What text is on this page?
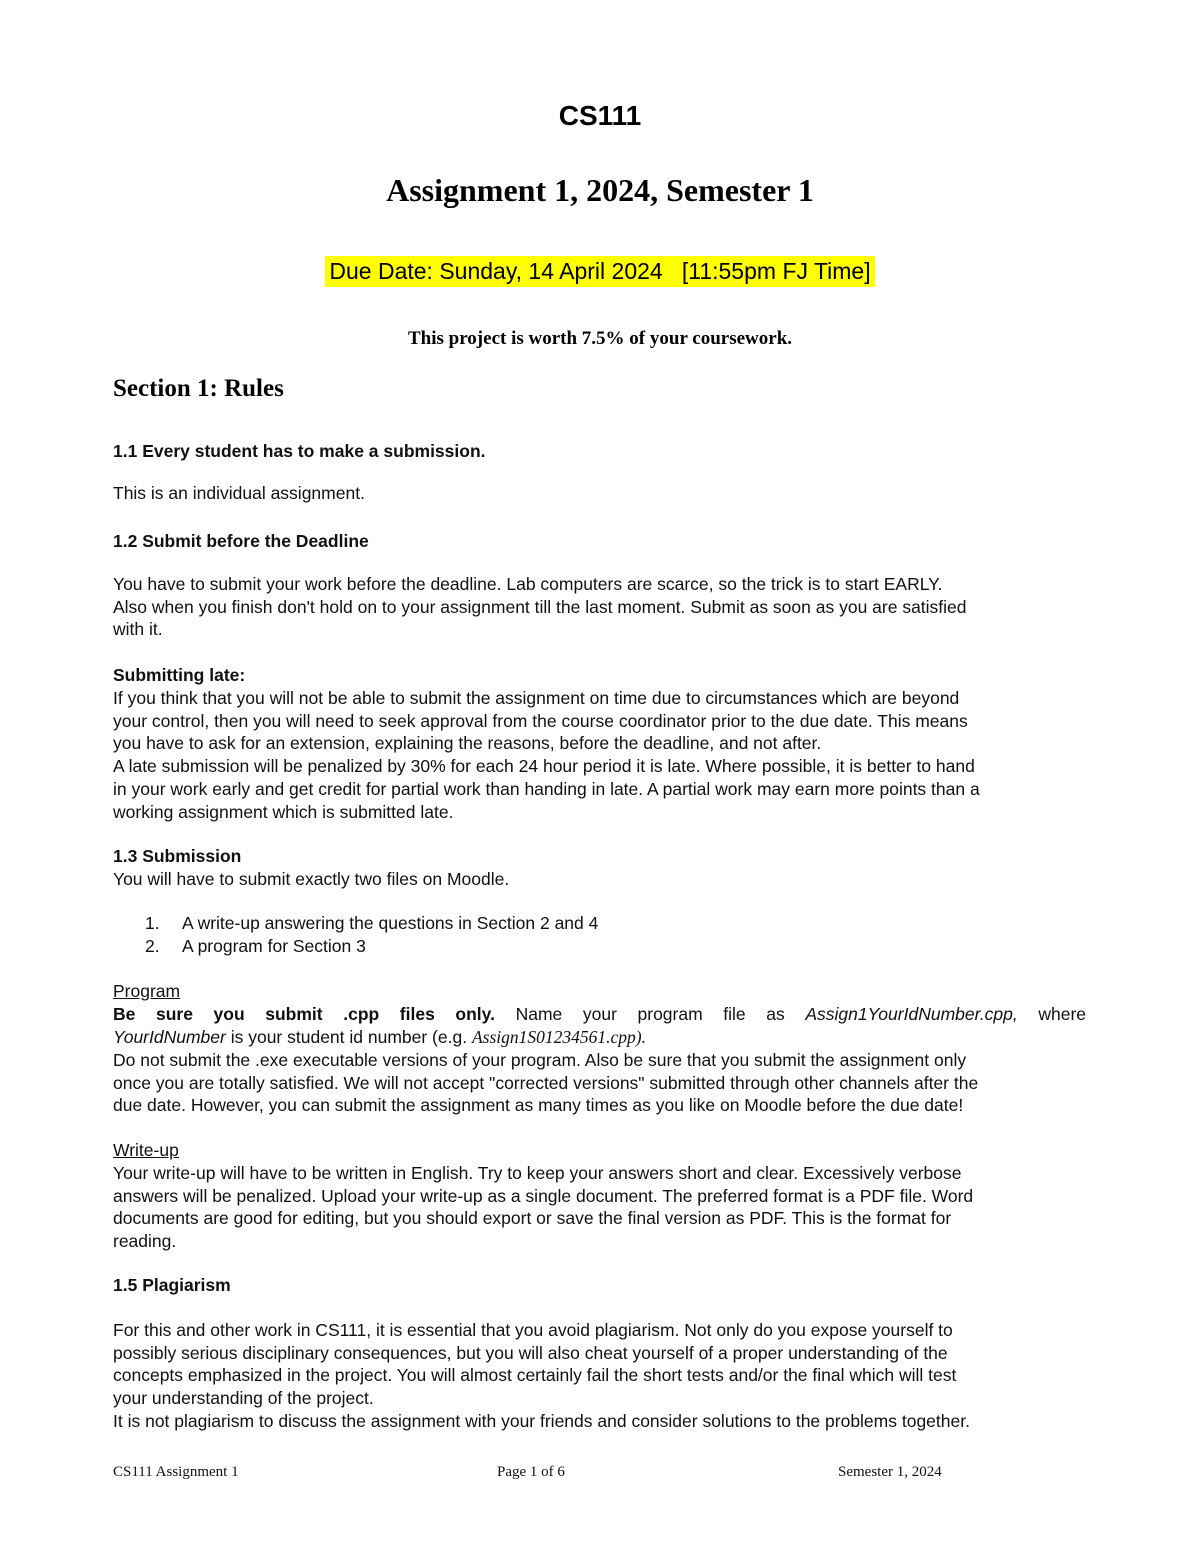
CS111
Assignment 1, 2024, Semester 1
Due Date: Sunday, 14 April 2024   [11:55pm FJ Time]
This project is worth 7.5% of your coursework.
Section 1: Rules
1.1 Every student has to make a submission.
This is an individual assignment.
1.2 Submit before the Deadline
You have to submit your work before the deadline. Lab computers are scarce, so the trick is to start EARLY.
Also when you finish don't hold on to your assignment till the last moment. Submit as soon as you are satisfied
with it.
Submitting late:
If you think that you will not be able to submit the assignment on time due to circumstances which are beyond
your control, then you will need to seek approval from the course coordinator prior to the due date. This means
you have to ask for an extension, explaining the reasons, before the deadline, and not after.
A late submission will be penalized by 30% for each 24 hour period it is late. Where possible, it is better to hand
in your work early and get credit for partial work than handing in late. A partial work may earn more points than a
working assignment which is submitted late.
1.3 Submission
You will have to submit exactly two files on Moodle.
1. A write-up answering the questions in Section 2 and 4
2. A program for Section 3
Program
Be sure you submit .cpp files only. Name your program file as Assign1YourIdNumber.cpp, where
YourIdNumber is your student id number (e.g. Assign1S01234561.cpp).
Do not submit the .exe executable versions of your program. Also be sure that you submit the assignment only
once you are totally satisfied. We will not accept "corrected versions" submitted through other channels after the
due date. However, you can submit the assignment as many times as you like on Moodle before the due date!
Write-up
Your write-up will have to be written in English. Try to keep your answers short and clear. Excessively verbose
answers will be penalized. Upload your write-up as a single document. The preferred format is a PDF file. Word
documents are good for editing, but you should export or save the final version as PDF. This is the format for
reading.
1.5 Plagiarism
For this and other work in CS111, it is essential that you avoid plagiarism. Not only do you expose yourself to
possibly serious disciplinary consequences, but you will also cheat yourself of a proper understanding of the
concepts emphasized in the project. You will almost certainly fail the short tests and/or the final which will test
your understanding of the project.
It is not plagiarism to discuss the assignment with your friends and consider solutions to the problems together.
CS111 Assignment 1	Page 1 of 6	Semester 1, 2024
